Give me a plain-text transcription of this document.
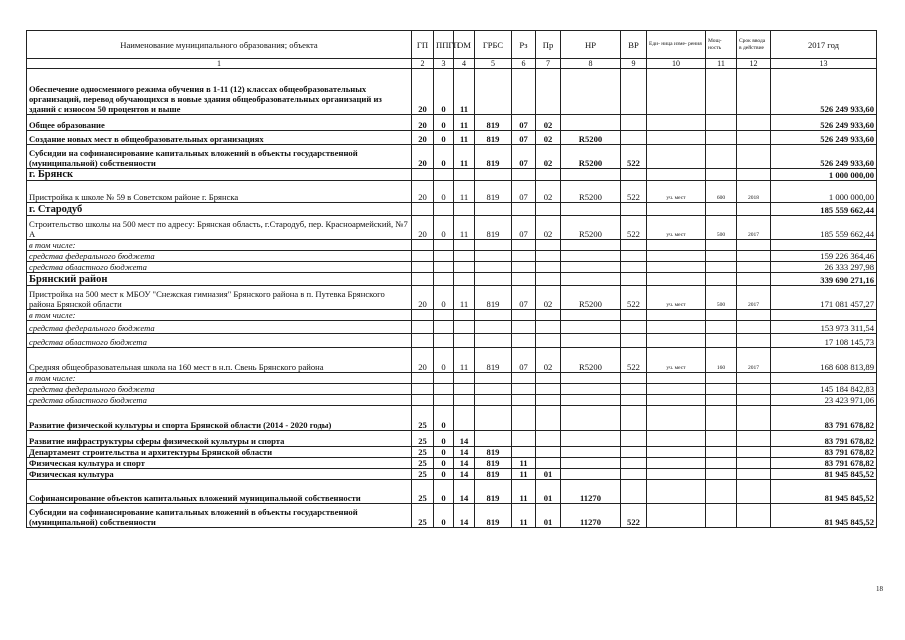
Наименование муниципального образования; объекта	ГП	ППГП	ОМ	ГРБС	Рз	Пр	НР	ВР	Еди- ница изме- рения	Мощ- ность	Срок ввода в действие	2017 год
1	2	3	4	5	6	7	8	9	10	11	12	13
Обеспечение односменного режима обучения в 1-11 (12) классах общеобразовательных организаций, перевод обучающихся в новые здания общеобразовательных организаций из зданий с износом 50 процентов и выше	20	0	11									526 249 933,60
Общее образование	20	0	11	819	07	02						526 249 933,60
Создание новых мест в общеобразовательных организациях	20	0	11	819	07	02	R5200					526 249 933,60
Субсидии на софинансирование капитальных вложений в объекты государственной (муниципальной) собственности	20	0	11	819	07	02	R5200	522				526 249 933,60
г. Брянск												1 000 000,00
Пристройка к школе № 59 в Советском районе г. Брянска	20	0	11	819	07	02	R5200	522	уч. мест	600	2018	1 000 000,00
г. Стародуб												185 559 662,44
Строительство школы на 500 мест по адресу: Брянская область, г.Стародуб, пер. Красноармейский, №7 А	20	0	11	819	07	02	R5200	522	уч. мест	500	2017	185 559 662,44
в том числе:												
средства федерального бюджета												159 226 364,46
средства областного бюджета												26 333 297,98
Брянский район												339 690 271,16
Пристройка на 500 мест к МБОУ "Снежская гимназия" Брянского района в п. Путевка Брянского района Брянской области	20	0	11	819	07	02	R5200	522	уч. мест	500	2017	171 081 457,27
в том числе:												
средства федерального бюджета												153 973 311,54
средства областного бюджета												17 108 145,73
Средняя общеобразовательная школа на 160 мест в н.п. Свень Брянского района	20	0	11	819	07	02	R5200	522	уч. мест	160	2017	168 608 813,89
в том числе:												
средства федерального бюджета												145 184 842,83
средства областного бюджета												23 423 971,06
Развитие физической культуры и спорта Брянской области (2014 - 2020 годы)	25	0										83 791 678,82
Развитие инфраструктуры сферы физической культуры и спорта	25	0	14									83 791 678,82
Департамент строительства и архитектуры Брянской области	25	0	14	819								83 791 678,82
Физическая культура и спорт	25	0	14	819	11							83 791 678,82
Физическая культура	25	0	14	819	11	01						81 945 845,52
Софинансирование объектов капитальных вложений муниципальной собственности	25	0	14	819	11	01	11270					81 945 845,52
Субсидии на софинансирование капитальных вложений в объекты государственной (муниципальной) собственности	25	0	14	819	11	01	11270	522				81 945 845,52
18
